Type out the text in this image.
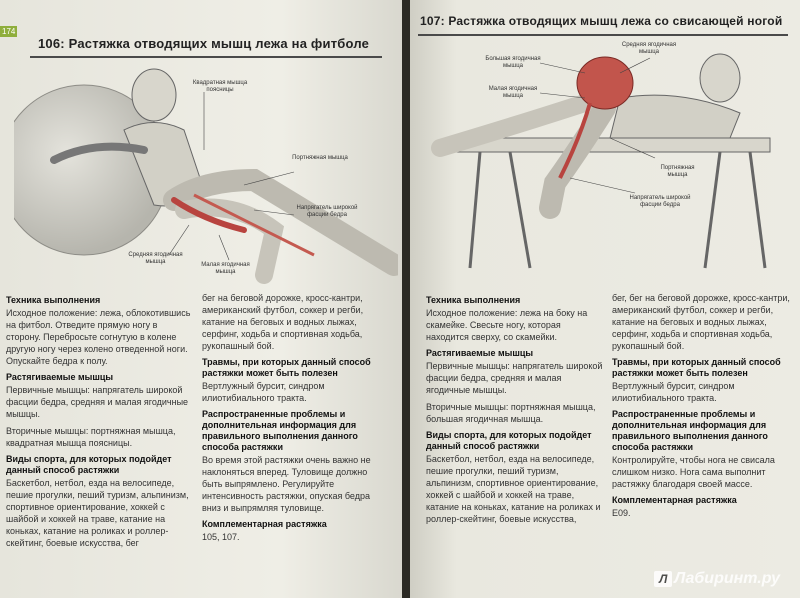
174
106: Растяжка отводящих мышц лежа на фитболе
Квадратная мышца поясницы
Портняжная мышца
Напрягатель широкой фасции бедра
Средняя ягодичная мышца	Малая ягодичная мышца
Техника выполнения

Исходное положение: лежа, облокотившись на фитбол. Отведите прямую ногу в сторону. Перебросьте согнутую в колене другую ногу через колено отведенной ноги. Опускайте бедра к полу.

Растягиваемые мышцы

Первичные мышцы: напрягатель широкой фасции бедра, средняя и малая ягодичные мышцы.

Вторичные мышцы: портняжная мышца, квадратная мышца поясницы.

Виды спорта, для которых подойдет данный способ растяжки

Баскетбол, нетбол, езда на велосипеде, пешие прогулки, пеший туризм, альпинизм, спортивное ориентирование, хоккей с шайбой и хоккей на траве, катание на коньках, катание на роликах и роллер-скейтинг, боевые искусства, бег

бег на беговой дорожке, кросс-кантри, американский футбол, соккер и регби, катание на беговых и водных лыжах, серфинг, ходьба и спортивная ходьба, рукопашный бой.

Травмы, при которых данный способ растяжки может быть полезен

Вертлужный бурсит, синдром илиотибиального тракта.

Распространенные проблемы и дополнительная информация для правильного выполнения данного способа растяжки

Во время этой растяжки очень важно не наклоняться вперед. Туловище должно быть выпрямлено. Регулируйте интенсивность растяжки, опуская бедра вниз и выпрямляя туловище.

Комплементарная растяжка

105, 107.

107: Растяжка отводящих мышц лежа со свисающей ногой
Большая ягодичная мышца
Малая ягодичная мышца
Средняя ягодичная мышца
Портняжная мышца
Напрягатель широкой фасции бедра
Техника выполнения

Исходное положение: лежа на боку на скамейке. Свесьте ногу, которая находится сверху, со скамейки.

Растягиваемые мышцы

Первичные мышцы: напрягатель широкой фасции бедра, средняя и малая ягодичные мышцы.

Вторичные мышцы: портняжная мышца, большая ягодичная мышца.

Виды спорта, для которых подойдет данный способ растяжки

Баскетбол, нетбол, езда на велосипеде, пешие прогулки, пеший туризм, альпинизм, спортивное ориентирование, хоккей с шайбой и хоккей на траве, катание на коньках, катание на роликах и роллер-скейтинг, боевые искусства,

бег, бег на беговой дорожке, кросс-кантри, американский футбол, соккер и регби, катание на беговых и водных лыжах, серфинг, ходьба и спортивная ходьба, рукопашный бой.

Травмы, при которых данный способ растяжки может быть полезен

Вертлужный бурсит, синдром илиотибиального тракта.

Распространенные проблемы и дополнительная информация для правильного выполнения данного способа растяжки

Контролируйте, чтобы нога не свисала слишком низко. Нога сама выполнит растяжку благодаря своей массе.

Комплементарная растяжка

Е09.

Л Лабиринт.ру
